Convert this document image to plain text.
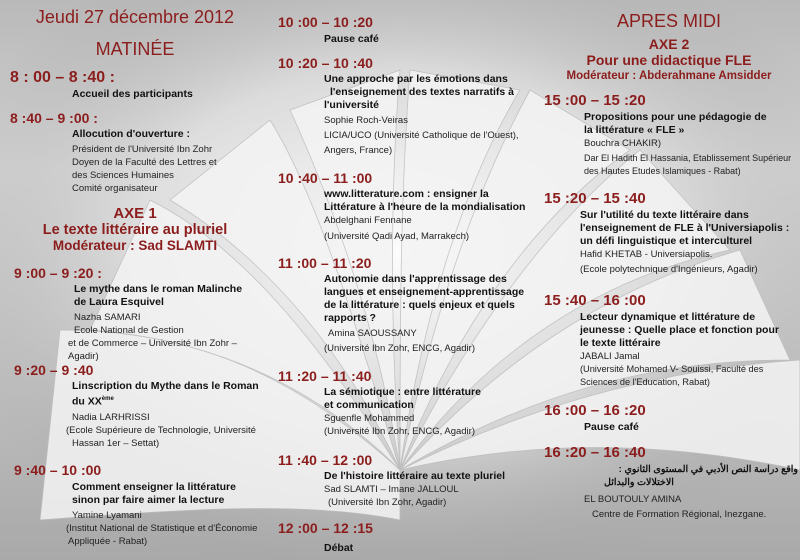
Jeudi 27 décembre 2012
MATINÉE
8 : 00 – 8 :40 :
Accueil des participants
8 :40 – 9 :00 :
Allocution d'ouverture :
Président de l'Université Ibn Zohr
Doyen de la Faculté des Lettres et
des Sciences Humaines
Comité organisateur
AXE 1
Le texte littéraire au pluriel
Modérateur : Sad SLAMTI
9 :00 – 9 :20 :
Le mythe dans le roman Malinche
de Laura Esquivel
Nazha SAMARI
Ecole National de Gestion
et de Commerce – Université Ibn Zohr – Agadir)
9 :20 – 9 :40
Linscription du Mythe dans le Roman
du XXème
Nadia LARHRISSI
(Ecole Supérieure de Technologie, Université
Hassan 1er – Settat)
9 :40 – 10 :00
Comment enseigner la littérature
sinon par faire aimer la lecture
Yamine Lyamani
(Institut National de Statistique et d'Économie
Appliquée - Rabat)
10 :00 – 10 :20
Pause café
10 :20 – 10 :40
Une approche par les émotions dans
l'enseignement des textes narratifs à
l'université
Sophie Roch-Veiras
LICIA/UCO (Université Catholique de l'Ouest),
Angers, France)
10 :40 – 11 :00
www.litterature.com : ensigner la
Littérature à l'heure de la mondialisation
Abdelghani Fennane
(Université Qadi Ayad, Marrakech)
11 :00 – 11 :20
Autonomie dans l'apprentissage des
langues et enseignement-apprentissage
de la littérature : quels enjeux et quels
rapports ?
Amina SAOUSSANY
(Université Ibn Zohr, ENCG, Agadir)
11 :20 – 11 :40
La sémiotique : entre littérature
et communication
Sguenfle Mohammed
(Université Ibn Zohr, ENCG, Agadir)
11 :40 – 12 :00
De l'histoire littéraire au texte pluriel
Sad SLAMTI – Imane JALLOUL
(Université Ibn Zohr, Agadir)
12 :00 – 12 :15
Débat
APRES MIDI
AXE 2
Pour une didactique FLE
Modérateur : Abderahmane Amsidder
15 :00 – 15 :20
Propositions pour une pédagogie de
la littérature « FLE »
Bouchra CHAKIR)
Dar El Hadith El Hassania, Etablissement Supérieur
des Hautes Etudes Islamiques - Rabat)
15 :20 – 15 :40
Sur l'utilité du texte littéraire dans
l'enseignement de FLE à l'Universiapolis :
un défi linguistique et interculturel
Hafid KHETAB - Universiapolis.
(Ecole polytechnique d'Ingénieurs, Agadir)
15 :40 – 16 :00
Lecteur dynamique et littérature de
jeunesse : Quelle place et fonction pour
le texte littéraire
JABALI Jamal
(Université Mohamed V- Souissi, Faculté des
Sciences de l'Education, Rabat)
16 :00 – 16 :20
Pause café
16 :20 – 16 :40
واقع دراسة النص الأدبي في المستوى الثانوي :
الاختلالات والبدائل
EL BOUTOULY AMINA
Centre de Formation Régional, Inezgane.
